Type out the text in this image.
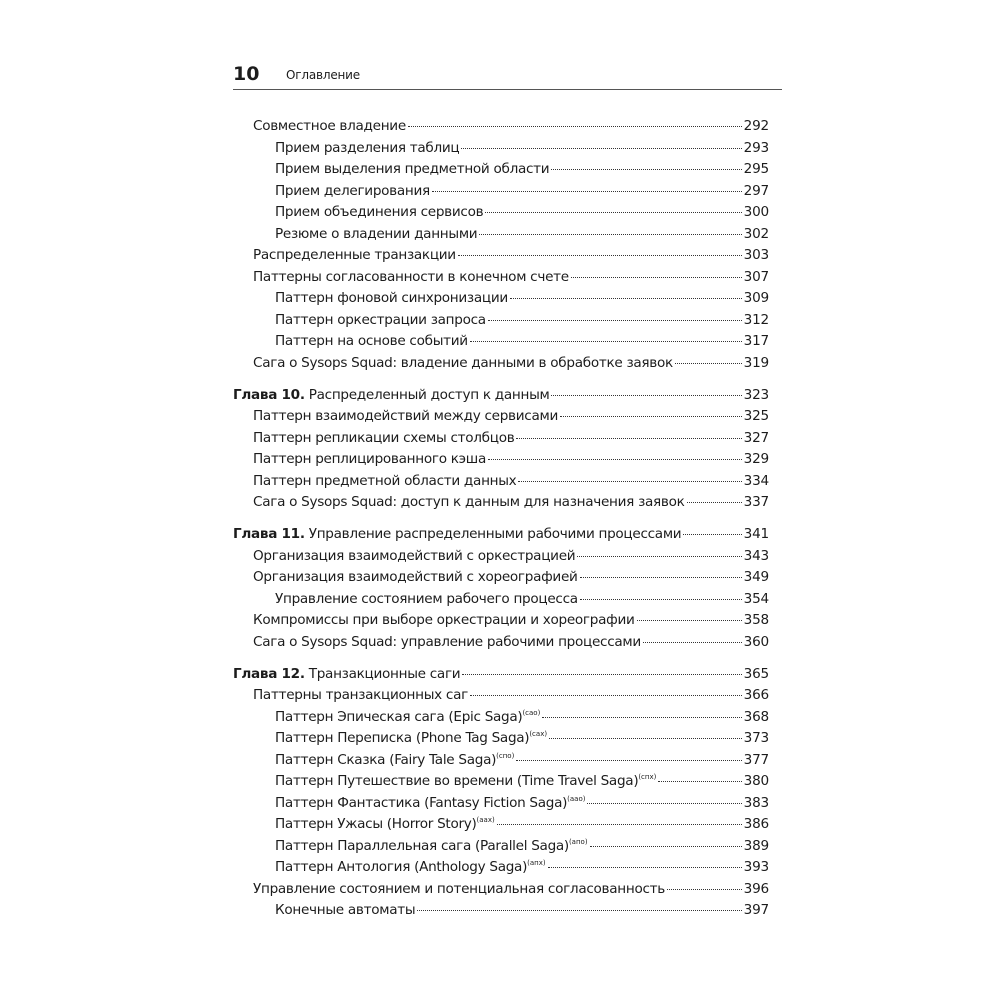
10 Оглавление
Совместное владение	292
Прием разделения таблиц	293
Прием выделения предметной области	295
Прием делегирования	297
Прием объединения сервисов	300
Резюме о владении данными	302
Распределенные транзакции	303
Паттерны согласованности в конечном счете	307
Паттерн фоновой синхронизации	309
Паттерн оркестрации запроса	312
Паттерн на основе событий	317
Сага о Sysops Squad: владение данными в обработке заявок	319
Глава 10. Распределенный доступ к данным	323
Паттерн взаимодействий между сервисами	325
Паттерн репликации схемы столбцов	327
Паттерн реплицированного кэша	329
Паттерн предметной области данных	334
Сага о Sysops Squad: доступ к данным для назначения заявок	337
Глава 11. Управление распределенными рабочими процессами	341
Организация взаимодействий с оркестрацией	343
Организация взаимодействий с хореографией	349
Управление состоянием рабочего процесса	354
Компромиссы при выборе оркестрации и хореографии	358
Сага о Sysops Squad: управление рабочими процессами	360
Глава 12. Транзакционные саги	365
Паттерны транзакционных саг	366
Паттерн Эпическая сага (Epic Saga)$^{(сао)}$	368
Паттерн Переписка (Phone Tag Saga)$^{(сах)}$	373
Паттерн Сказка (Fairy Tale Saga)$^{(спо)}$	377
Паттерн Путешествие во времени (Time Travel Saga)$^{(спх)}$	380
Паттерн Фантастика (Fantasy Fiction Saga)$^{(аао)}$	383
Паттерн Ужасы (Horror Story)$^{(аах)}$	386
Паттерн Параллельная сага (Parallel Saga)$^{(апо)}$	389
Паттерн Антология (Anthology Saga)$^{(апх)}$	393
Управление состоянием и потенциальная согласованность	396
Конечные автоматы	397
